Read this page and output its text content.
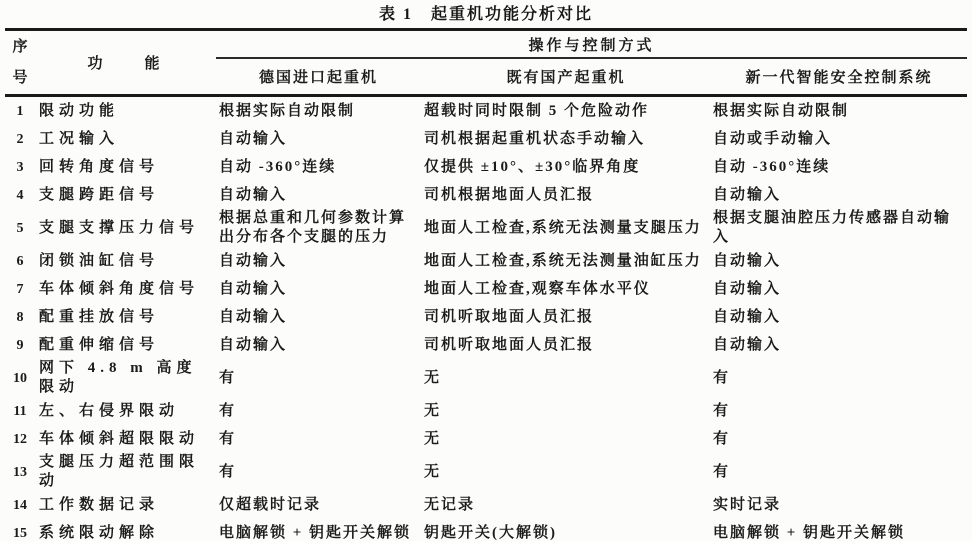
表 1　起重机功能分析对比
序
号	功　　能	操作与控制方式		
		德国进口起重机	既有国产起重机	新一代智能安全控制系统
1	限动功能	根据实际自动限制	超载时同时限制 5 个危险动作	根据实际自动限制
2	工况输入	自动输入	司机根据起重机状态手动输入	自动或手动输入
3	回转角度信号	自动 -360°连续	仅提供 ±10°、±30°临界角度	自动 -360°连续
4	支腿跨距信号	自动输入	司机根据地面人员汇报	自动输入
5	支腿支撑压力信号	根据总重和几何参数计算出分布各个支腿的压力	地面人工检查,系统无法测量支腿压力	根据支腿油腔压力传感器自动输入
6	闭锁油缸信号	自动输入	地面人工检查,系统无法测量油缸压力	自动输入
7	车体倾斜角度信号	自动输入	地面人工检查,观察车体水平仪	自动输入
8	配重挂放信号	自动输入	司机听取地面人员汇报	自动输入
9	配重伸缩信号	自动输入	司机听取地面人员汇报	自动输入
10	网下 4.8 m 高度限动	有	无	有
11	左、右侵界限动	有	无	有
12	车体倾斜超限限动	有	无	有
13	支腿压力超范围限动	有	无	有
14	工作数据记录	仅超载时记录	无记录	实时记录
15	系统限动解除	电脑解锁 + 钥匙开关解锁	钥匙开关(大解锁)	电脑解锁 + 钥匙开关解锁
